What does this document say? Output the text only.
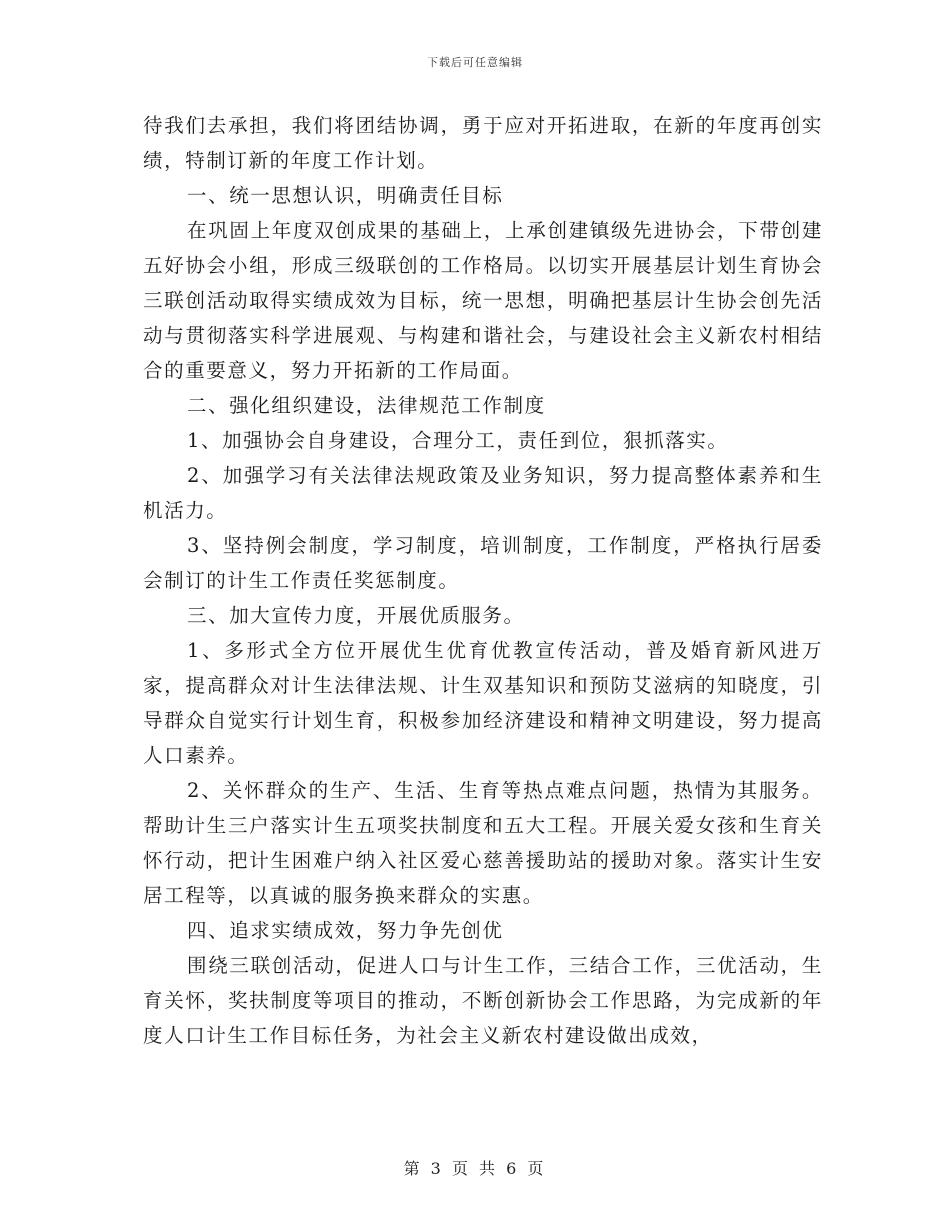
下载后可任意编辑

待我们去承担，我们将团结协调，勇于应对开拓进取，在新的年度再创实绩，特制订新的年度工作计划。

一、统一思想认识，明确责任目标

在巩固上年度双创成果的基础上，上承创建镇级先进协会，下带创建五好协会小组，形成三级联创的工作格局。以切实开展基层计划生育协会三联创活动取得实绩成效为目标，统一思想，明确把基层计生协会创先活动与贯彻落实科学进展观、与构建和谐社会，与建设社会主义新农村相结合的重要意义，努力开拓新的工作局面。

二、强化组织建设，法律规范工作制度

1、加强协会自身建设，合理分工，责任到位，狠抓落实。

2、加强学习有关法律法规政策及业务知识，努力提高整体素养和生机活力。

3、坚持例会制度，学习制度，培训制度，工作制度，严格执行居委会制订的计生工作责任奖惩制度。

三、加大宣传力度，开展优质服务。

1、多形式全方位开展优生优育优教宣传活动，普及婚育新风进万家，提高群众对计生法律法规、计生双基知识和预防艾滋病的知晓度，引导群众自觉实行计划生育，积极参加经济建设和精神文明建设，努力提高人口素养。

2、关怀群众的生产、生活、生育等热点难点问题，热情为其服务。帮助计生三户落实计生五项奖扶制度和五大工程。开展关爱女孩和生育关怀行动，把计生困难户纳入社区爱心慈善援助站的援助对象。落实计生安居工程等，以真诚的服务换来群众的实惠。

四、追求实绩成效，努力争先创优

围绕三联创活动，促进人口与计生工作，三结合工作，三优活动，生育关怀，奖扶制度等项目的推动，不断创新协会工作思路，为完成新的年度人口计生工作目标任务，为社会主义新农村建设做出成效，

第 3 页 共 6 页
